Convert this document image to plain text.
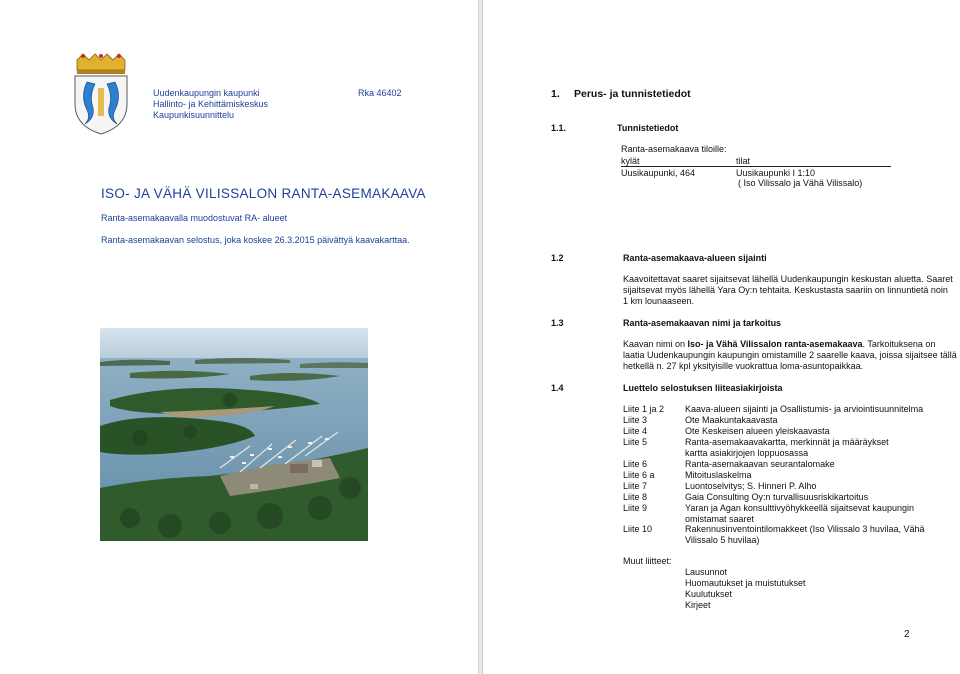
Uudenkaupungin kaupunki
Hallinto- ja Kehittämiskeskus
Kaupunkisuunnittelu
Rka 46402
ISO- JA VÄHÄ VILISSALON RANTA-ASEMAKAAVA
Ranta-asemakaavalla muodostuvat RA- alueet
Ranta-asemakaavan selostus, joka koskee 26.3.2015 päivättyä kaavakarttaa.
1. Perus- ja tunnistetiedot
1.1.	Tunnistetiedot
Ranta-asemakaava tiloille:
kylät	tilat
Uusikaupunki, 464	Uusikaupunki I 1:10
( Iso Vilissalo ja Vähä Vilissalo)
1.2	Ranta-asemakaava-alueen sijainti
Kaavoitettavat saaret sijaitsevat lähellä Uudenkaupungin keskustan aluetta. Saaret
sijaitsevat myös lähellä Yara Oy:n tehtaita. Keskustasta saariin on linnuntietä noin
1 km lounaaseen.
1.3	Ranta-asemakaavan nimi ja tarkoitus
Kaavan nimi on Iso- ja Vähä Vilissalon ranta-asemakaava. Tarkoituksena on
laatia Uudenkaupungin kaupungin omistamille 2 saarelle kaava, joissa sijaitsee tällä
hetkellä n. 27 kpl yksityisille vuokrattua loma-asuntopaikkaa.
1.4	Luettelo selostuksen liiteasiakirjoista
Liite 1 ja 2 Kaava-alueen sijainti ja Osallistumis- ja arviointisuunnitelma
Liite 3	Ote Maakuntakaavasta
Liite 4	Ote Keskeisen alueen yleiskaavasta
Liite 5	Ranta-asemakaavakartta, merkinnät ja määräykset
kartta asiakirjojen loppuosassa
Liite 6	Ranta-asemakaavan seurantalomake
Liite 6 a	Mitoituslaskelma
Liite 7	Luontoselvitys; S. Hinneri P. Alho
Liite 8	Gaia Consulting Oy:n turvallisuusriskikartoitus
Liite 9	Yaran ja Agan konsulttivyöhykkeellä sijaitsevat kaupungin
omistamat saaret
Liite 10	Rakennusinventointilomakkeet (Iso Vilissalo 3 huvilaa, Vähä
Vilissalo 5 huvilaa)
Muut liitteet:
Lausunnot
Huomautukset ja muistutukset
Kuulutukset
Kirjeet
2
